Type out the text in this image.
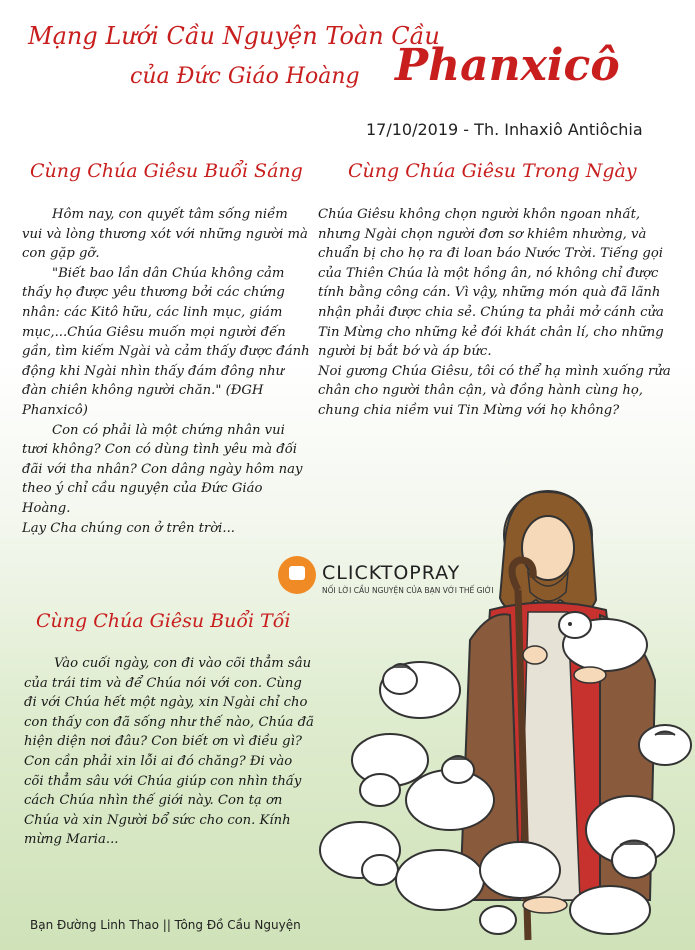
Mạng Lưới Cầu Nguyện Toàn Cầu
của Đức Giáo Hoàng Phanxicô
17/10/2019 - Th. Inhaxiô Antiôchia
Cùng Chúa Giêsu Buổi Sáng

Hôm nay, con quyết tâm sống niềm vui và lòng thương xót với những người mà con gặp gỡ.

"Biết bao lần dân Chúa không cảm thấy họ được yêu thương bởi các chứng nhân: các Kitô hữu, các linh mục, giám mục,...Chúa Giêsu muốn mọi người đến gần, tìm kiếm Ngài và cảm thấy được đánh động khi Ngài nhìn thấy đám đông như đàn chiên không người chăn." (ĐGH Phanxicô)

Con có phải là một chứng nhân vui tươi không? Con có dùng tình yêu mà đối đãi với tha nhân? Con dâng ngày hôm nay theo ý chỉ cầu nguyện của Đức Giáo Hoàng.

Lạy Cha chúng con ở trên trời...

Cùng Chúa Giêsu Trong Ngày

Chúa Giêsu không chọn người khôn ngoan nhất, nhưng Ngài chọn người đơn sơ khiêm nhường, và chuẩn bị cho họ ra đi loan báo Nước Trời. Tiếng gọi của Thiên Chúa là một hồng ân, nó không chỉ được tính bằng công cán. Vì vậy, những món quà đã lãnh nhận phải được chia sẻ. Chúng ta phải mở cánh cửa Tin Mừng cho những kẻ đói khát chân lí, cho những người bị bắt bớ và áp bức.

Noi gương Chúa Giêsu, tôi có thể hạ mình xuống rửa chân cho người thân cận, và đồng hành cùng họ, chung chia niềm vui Tin Mừng với họ không?

CLICKTOPRAY
NỐI LỜI CẦU NGUYỆN CỦA BẠN VỚI THẾ GIỚI
Cùng Chúa Giêsu Buổi Tối

Vào cuối ngày, con đi vào cõi thẳm sâu của trái tim và để Chúa nói với con. Cùng đi với Chúa hết một ngày, xin Ngài chỉ cho con thấy con đã sống như thế nào, Chúa đã hiện diện nơi đâu? Con biết ơn vì điều gì? Con cần phải xin lỗi ai đó chăng? Đi vào cõi thẳm sâu với Chúa giúp con nhìn thấy cách Chúa nhìn thế giới này. Con tạ ơn Chúa và xin Người bổ sức cho con. Kính mừng Maria...

Bạn Đường Linh Thao || Tông Đồ Cầu Nguyện
